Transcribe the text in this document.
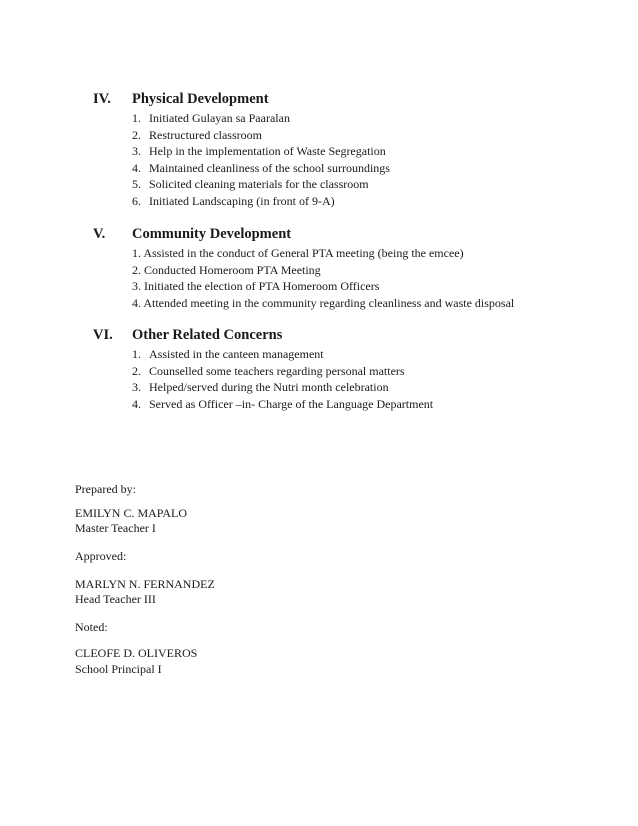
IV.	Physical Development
1. Initiated Gulayan sa Paaralan
2. Restructured classroom
3. Help in the implementation of Waste Segregation
4. Maintained cleanliness of the school surroundings
5. Solicited cleaning materials for the classroom
6. Initiated Landscaping (in front of 9-A)
V.	Community Development
1. Assisted in the conduct of General PTA meeting (being the emcee)
2. Conducted Homeroom PTA Meeting
3. Initiated the election of PTA Homeroom Officers
4. Attended meeting in the community regarding cleanliness and waste disposal
VI.	Other Related Concerns
1. Assisted in the canteen management
2. Counselled some teachers regarding personal matters
3. Helped/served during the Nutri month celebration
4. Served as Officer –in- Charge of the Language Department
Prepared by:
EMILYN C. MAPALO
Master Teacher I
Approved:
MARLYN N. FERNANDEZ
Head Teacher III
Noted:
CLEOFE D. OLIVEROS
School Principal I
